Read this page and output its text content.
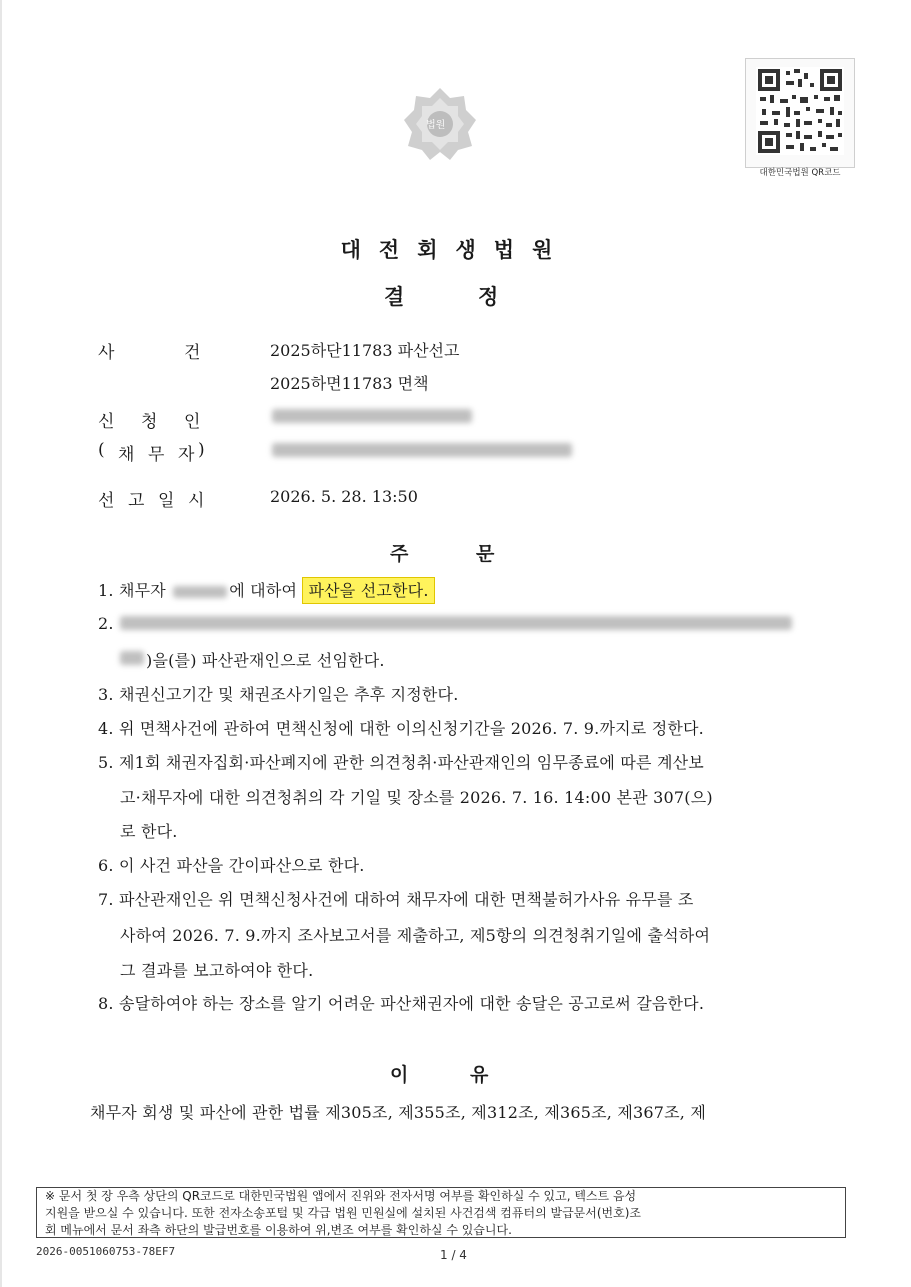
법원
대한민국법원 QR코드
대전회생법원
결	정
사	건	2025하단11783 파산선고
2025하면11783 면책
신 청 인
( 채 무 자 )
선 고 일 시	2026. 5. 28. 13:50
주	문
1. 채무자	에 대하여 파산을 선고한다.
2.
)을(를) 파산관재인으로 선임한다.
3. 채권신고기간 및 채권조사기일은 추후 지정한다.
4. 위 면책사건에 관하여 면책신청에 대한 이의신청기간을 2026. 7. 9.까지로 정한다.
5. 제1회 채권자집회·파산폐지에 관한 의견청취·파산관재인의 임무종료에 따른 계산보
고·채무자에 대한 의견청취의 각 기일 및 장소를 2026. 7. 16. 14:00 본관 307(으)
로 한다.
6. 이 사건 파산을 간이파산으로 한다.
7. 파산관재인은 위 면책신청사건에 대하여 채무자에 대한 면책불허가사유 유무를 조
사하여 2026. 7. 9.까지 조사보고서를 제출하고, 제5항의 의견청취기일에 출석하여
그 결과를 보고하여야 한다.
8. 송달하여야 하는 장소를 알기 어려운 파산채권자에 대한 송달은 공고로써 갈음한다.
이	유
채무자 회생 및 파산에 관한 법률 제305조, 제355조, 제312조, 제365조, 제367조, 제
※ 문서 첫 장 우측 상단의 QR코드로 대한민국법원 앱에서 진위와 전자서명 여부를 확인하실 수 있고, 텍스트 음성
지원을 받으실 수 있습니다. 또한 전자소송포털 및 각급 법원 민원실에 설치된 사건검색 컴퓨터의 발급문서(번호)조
회 메뉴에서 문서 좌측 하단의 발급번호를 이용하여 위,변조 여부를 확인하실 수 있습니다.
2026-0051060753-78EF7	1 / 4
